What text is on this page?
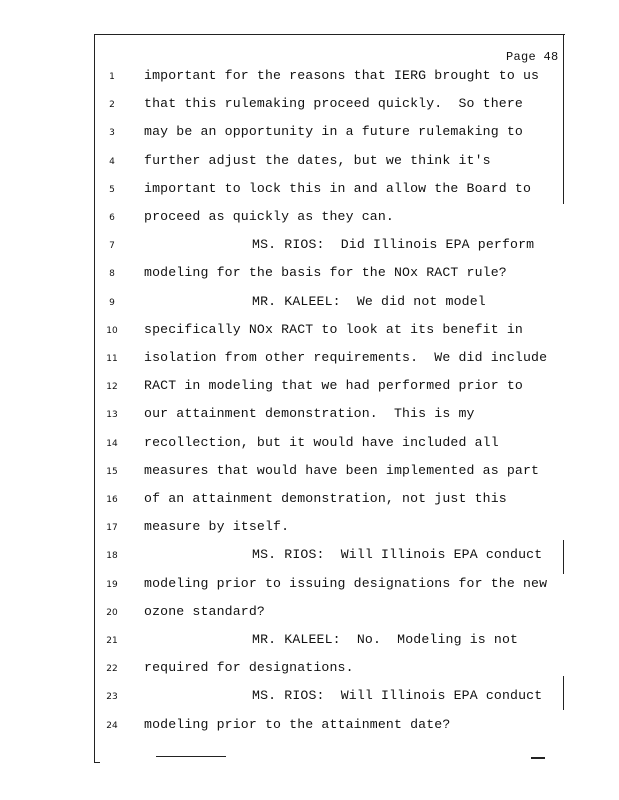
Page 48
1	important for the reasons that IERG brought to us
2	that this rulemaking proceed quickly.  So there
3	may be an opportunity in a future rulemaking to
4	further adjust the dates, but we think it's
5	important to lock this in and allow the Board to
6	proceed as quickly as they can.
7	MS. RIOS:  Did Illinois EPA perform
8	modeling for the basis for the NOx RACT rule?
9	MR. KALEEL:  We did not model
10	specifically NOx RACT to look at its benefit in
11	isolation from other requirements.  We did include
12	RACT in modeling that we had performed prior to
13	our attainment demonstration.  This is my
14	recollection, but it would have included all
15	measures that would have been implemented as part
16	of an attainment demonstration, not just this
17	measure by itself.
18	MS. RIOS:  Will Illinois EPA conduct
19	modeling prior to issuing designations for the new
20	ozone standard?
21	MR. KALEEL:  No.  Modeling is not
22	required for designations.
23	MS. RIOS:  Will Illinois EPA conduct
24	modeling prior to the attainment date?
